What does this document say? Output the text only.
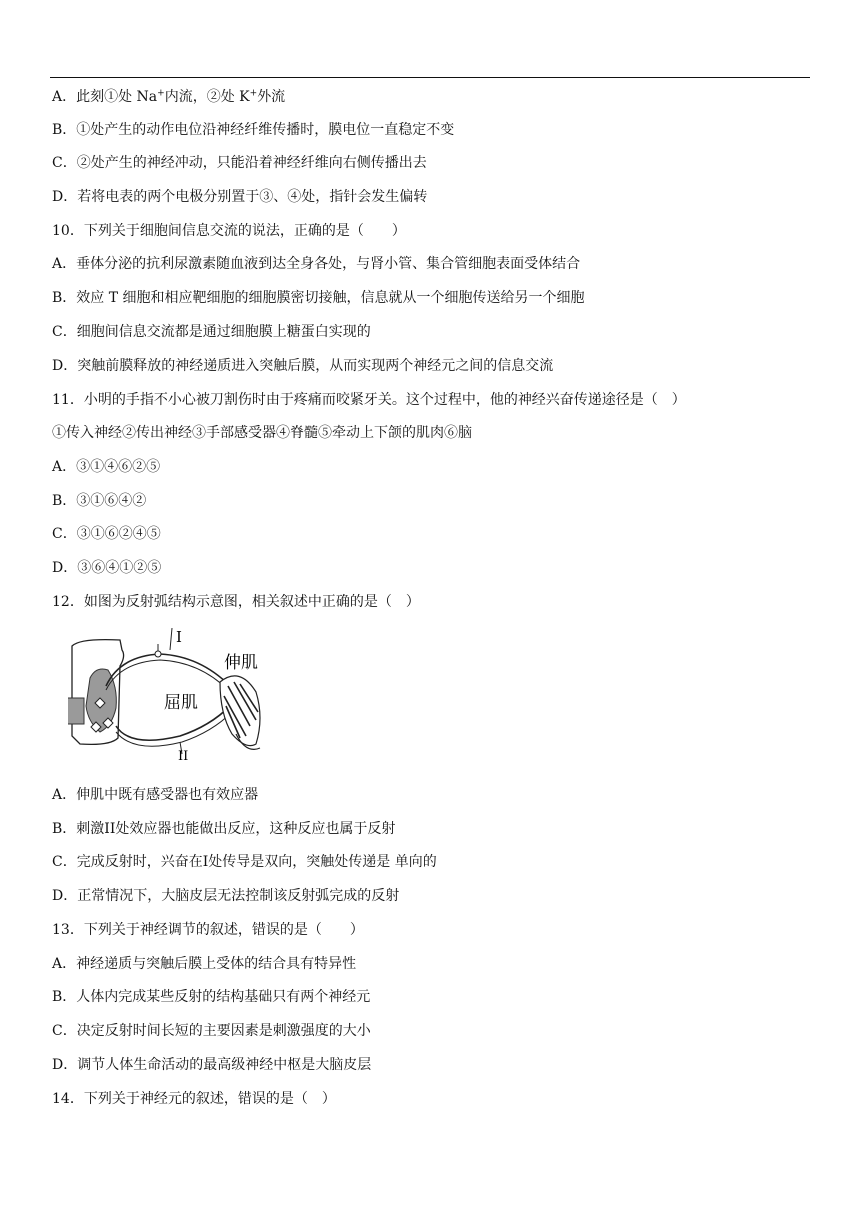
A．此刻①处 Na+内流，②处 K+外流
B．①处产生的动作电位沿神经纤维传播时，膜电位一直稳定不变
C．②处产生的神经冲动，只能沿着神经纤维向右侧传播出去
D．若将电表的两个电极分别置于③、④处，指针会发生偏转
10．下列关于细胞间信息交流的说法，正确的是（　　）
A．垂体分泌的抗利尿激素随血液到达全身各处，与肾小管、集合管细胞表面受体结合
B．效应 T 细胞和相应靶细胞的细胞膜密切接触，信息就从一个细胞传送给另一个细胞
C．细胞间信息交流都是通过细胞膜上糖蛋白实现的
D．突触前膜释放的神经递质进入突触后膜，从而实现两个神经元之间的信息交流
11．小明的手指不小心被刀割伤时由于疼痛而咬紧牙关。这个过程中，他的神经兴奋传递途径是（　）
①传入神经②传出神经③手部感受器④脊髓⑤牵动上下颌的肌肉⑥脑
A．③①④⑥②⑤
B．③①⑥④②
C．③①⑥②④⑤
D．③⑥④①②⑤
12．如图为反射弧结构示意图，相关叙述中正确的是（　）
I
II
伸肌
屈肌
A．伸肌中既有感受器也有效应器
B．刺激II处效应器也能做出反应，这种反应也属于反射
C．完成反射时，兴奋在I处传导是双向，突触处传递是 单向的
D．正常情况下，大脑皮层无法控制该反射弧完成的反射
13．下列关于神经调节的叙述，错误的是（　　）
A．神经递质与突触后膜上受体的结合具有特异性
B．人体内完成某些反射的结构基础只有两个神经元
C．决定反射时间长短的主要因素是刺激强度的大小
D．调节人体生命活动的最高级神经中枢是大脑皮层
14．下列关于神经元的叙述，错误的是（　）
